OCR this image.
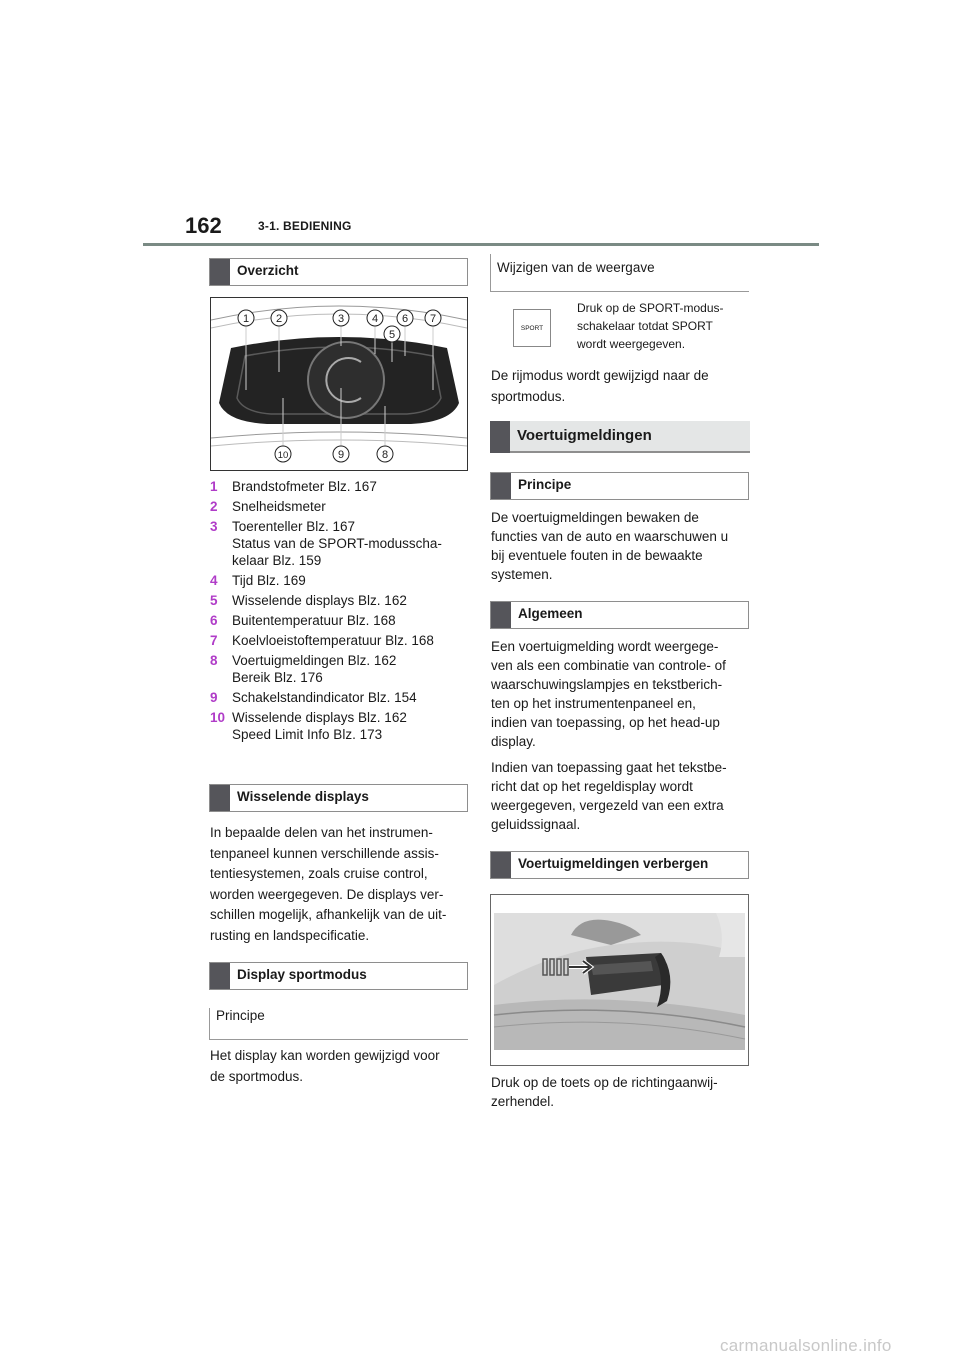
162	3-1. BEDIENING
Overzicht
1 2	3	4 6 7
5
10	9	8
1	Brandstofmeter Blz. 167
2	Snelheidsmeter
3	Toerenteller Blz. 167
Status van de SPORT-modusscha-
kelaar Blz. 159
4	Tijd Blz. 169
5	Wisselende displays Blz. 162
6	Buitentemperatuur Blz. 168
7	Koelvloeistoftemperatuur Blz. 168
8	Voertuigmeldingen Blz. 162
Bereik Blz. 176
9	Schakelstandindicator Blz. 154
10 Wisselende displays Blz. 162
Speed Limit Info Blz. 173
Wisselende displays
In bepaalde delen van het instrumen-
tenpaneel kunnen verschillende assis-
tentiesystemen, zoals cruise control,
worden weergegeven. De displays ver-
schillen mogelijk, afhankelijk van de uit-
rusting en landspecificatie.
Display sportmodus
Principe
Het display kan worden gewijzigd voor
de sportmodus.
Wijzigen van de weergave
SPORT
Druk op de SPORT-modus-
schakelaar totdat SPORT
wordt weergegeven.
De rijmodus wordt gewijzigd naar de
sportmodus.
Voertuigmeldingen
Principe
De voertuigmeldingen bewaken de
functies van de auto en waarschuwen u
bij eventuele fouten in de bewaakte
systemen.
Algemeen
Een voertuigmelding wordt weergege-
ven als een combinatie van controle- of
waarschuwingslampjes en tekstberich-
ten op het instrumentenpaneel en,
indien van toepassing, op het head-up
display.
Indien van toepassing gaat het tekstbe-
richt dat op het regeldisplay wordt
weergegeven, vergezeld van een extra
geluidssignaal.
Voertuigmeldingen verbergen
Druk op de toets op de richtingaanwij-
zerhendel.
carmanualsonline.info
